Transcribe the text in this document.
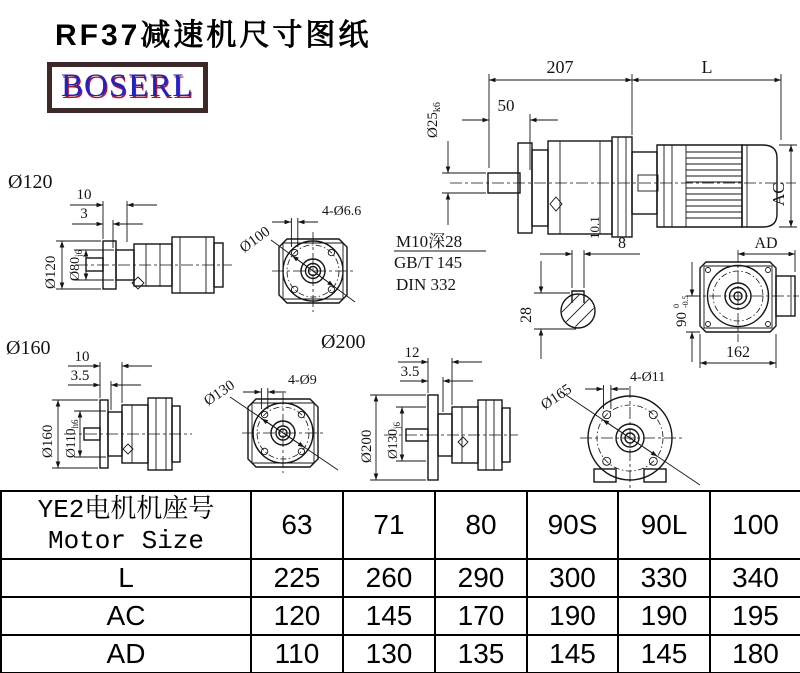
RF37减速机尺寸图纸
BOSERL
207	L
50
$Ø25_{k6}$
10.1
AC
M10深28
GB/T 145
DIN 332
8
28
AD
90
0 -0.5
162
Ø120
10
3
Ø120 $Ø80_{j6}$	Ø100
4-Ø6.6
Ø160 10
3.5
Ø160 $Ø110_{h6}$
Ø200
Ø130	4-Ø9
12
3.5
Ø200 $Ø130_{j6}$
Ø165
4-Ø11
YE2电机机座号
Motor Size	63	71	80	90S	90L	100
L	225	260	290	300	330	340
AC	120	145	170	190	190	195
AD	110	130	135	145	145	180
